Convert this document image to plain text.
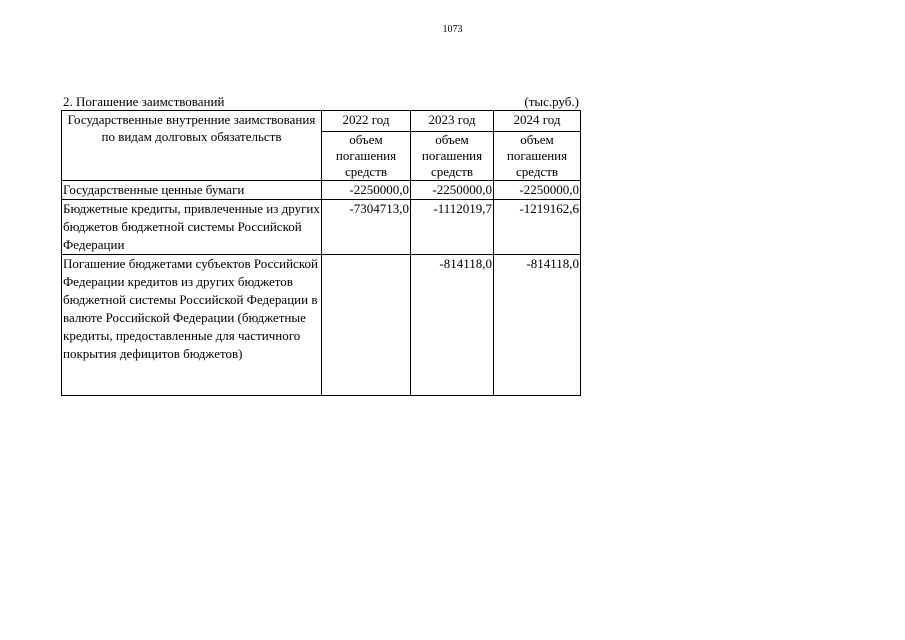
1073
2. Погашение заимствований	(тыс.руб.)
Государственные внутренние заимствования по видам долговых обязательств	2022 год	2023 год	2024 год
	объем погашения средств	объем погашения средств	объем погашения средств
Государственные ценные бумаги	-2250000,0	-2250000,0	-2250000,0
Бюджетные кредиты, привлеченные из других бюджетов бюджетной системы Российской Федерации	-7304713,0	-1112019,7	-1219162,6
Погашение бюджетами субъектов Российской Федерации кредитов из других бюджетов бюджетной системы Российской Федерации в валюте Российской Федерации (бюджетные кредиты, предоставленные для частичного покрытия дефицитов бюджетов)		-814118,0	-814118,0
